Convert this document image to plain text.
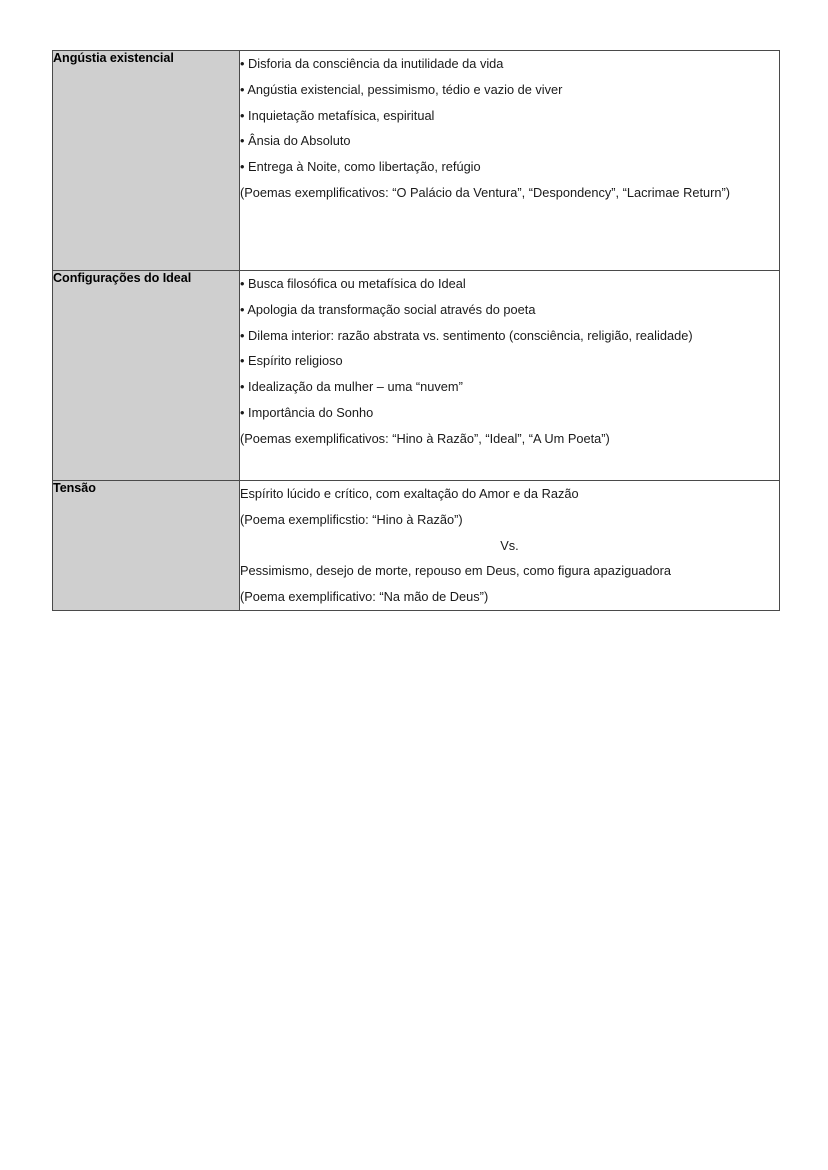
Angústia existencial	• Disforia da consciência da inutilidade da vida
• Angústia existencial, pessimismo, tédio e vazio de viver
• Inquietação metafísica, espiritual
• Ânsia do Absoluto
• Entrega à Noite, como libertação, refúgio
(Poemas exemplificativos: “O Palácio da Ventura”, “Despondency”, “Lacrimae Return”)

Configurações do Ideal	• Busca filosófica ou metafísica do Ideal
• Apologia da transformação social através do poeta
• Dilema interior: razão abstrata vs. sentimento (consciência, religião, realidade)
• Espírito religioso
• Idealização da mulher – uma “nuvem”
• Importância do Sonho
(Poemas exemplificativos: “Hino à Razão”, “Ideal”, “A Um Poeta”)

Tensão	Espírito lúcido e crítico, com exaltação do Amor e da Razão
(Poema exemplificstio: “Hino à Razão”)
Vs.
Pessimismo, desejo de morte, repouso em Deus, como figura apaziguadora
(Poema exemplificativo: “Na mão de Deus”)
